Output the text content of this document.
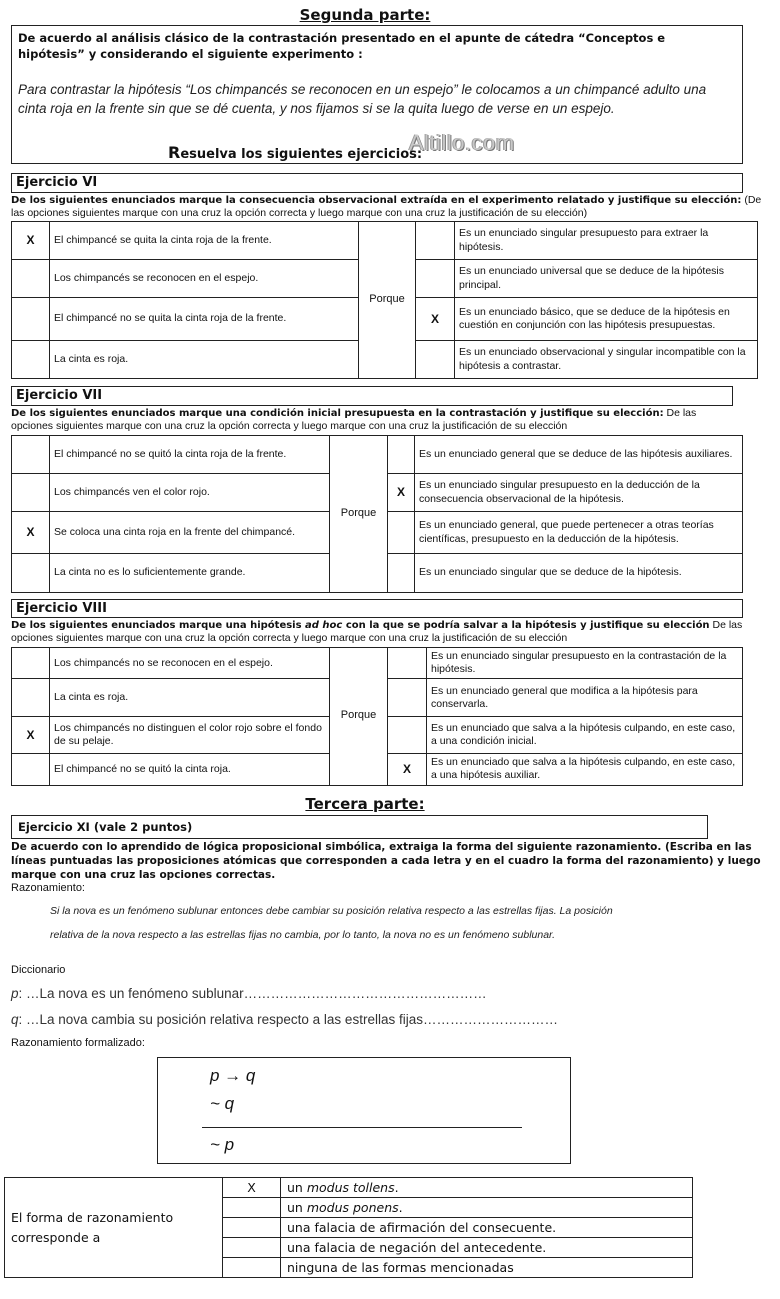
Segunda parte:
De acuerdo al análisis clásico de la contrastación presentado en el apunte de cátedra “Conceptos e hipótesis” y considerando el siguiente experimento :
Para contrastar la hipótesis “Los chimpancés se reconocen en un espejo” le colocamos a un chimpancé adulto una cinta roja en la frente sin que se dé cuenta, y nos fijamos si se la quita luego de verse en un espejo.
Resuelva los siguientes ejercicios:
Altillo.com
Ejercicio VI
De los siguientes enunciados marque la consecuencia observacional extraída en el experimento relatado y justifique su elección: (De las opciones siguientes marque con una cruz la opción correcta y luego marque con una cruz la justificación de su elección)
X	El chimpancé se quita la cinta roja de la frente.	Porque		Es un enunciado singular presupuesto para extraer la hipótesis.
	Los chimpancés se reconocen en el espejo.			Es un enunciado universal que se deduce de la hipótesis principal.
	El chimpancé no se quita la cinta roja de la frente.		X	Es un enunciado básico, que se deduce de la hipótesis en cuestión en conjunción con las hipótesis presupuestas.
	La cinta es roja.			Es un enunciado observacional y singular incompatible con la hipótesis a contrastar.
Ejercicio VII
De los siguientes enunciados marque una condición inicial presupuesta en la contrastación y justifique su elección: De las opciones siguientes marque con una cruz la opción correcta y luego marque con una cruz la justificación de su elección
	El chimpancé no se quitó la cinta roja de la frente.	Porque		Es un enunciado general que se deduce de las hipótesis auxiliares.
	Los chimpancés ven el color rojo.		X	Es un enunciado singular presupuesto en la deducción de la consecuencia observacional de la hipótesis.
X	Se coloca una cinta roja en la frente del chimpancé.			Es un enunciado general, que puede pertenecer a otras teorías científicas, presupuesto en la deducción de la hipótesis.
	La cinta no es lo suficientemente grande.			Es un enunciado singular que se deduce de la hipótesis.
Ejercicio VIII
De los siguientes enunciados marque una hipótesis ad hoc con la que se podría salvar a la hipótesis y justifique su elección De las opciones siguientes marque con una cruz la opción correcta y luego marque con una cruz la justificación de su elección
	Los chimpancés no se reconocen en el espejo.	Porque		Es un enunciado singular presupuesto en la contrastación de la hipótesis.
	La cinta es roja.			Es un enunciado general que modifica a la hipótesis para conservarla.
X	Los chimpancés no distinguen el color rojo sobre el fondo de su pelaje.			Es un enunciado que salva a la hipótesis culpando, en este caso, a una condición inicial.
	El chimpancé no se quitó la cinta roja.		X	Es un enunciado que salva a la hipótesis culpando, en este caso, a una hipótesis auxiliar.
Tercera parte:
Ejercicio XI (vale 2 puntos)
De acuerdo con lo aprendido de lógica proposicional simbólica, extraiga la forma del siguiente razonamiento. (Escriba en las líneas puntuadas las proposiciones atómicas que corresponden a cada letra y en el cuadro la forma del razonamiento) y luego marque con una cruz las opciones correctas.
Razonamiento:
Si la nova es un fenómeno sublunar entonces debe cambiar su posición relativa respecto a las estrellas fijas. La posición
relativa de la nova respecto a las estrellas fijas no cambia, por lo tanto, la nova no es un fenómeno sublunar.
Diccionario
p: …La nova es un fenómeno sublunar………………………………………………
q: …La nova cambia su posición relativa respecto a las estrellas fijas…………………………
Razonamiento formalizado:
p → q
~ q
~ p
El forma de razonamiento corresponde a	X	un modus tollens.
		un modus ponens.
		una falacia de afirmación del consecuente.
		una falacia de negación del antecedente.
		ninguna de las formas mencionadas
